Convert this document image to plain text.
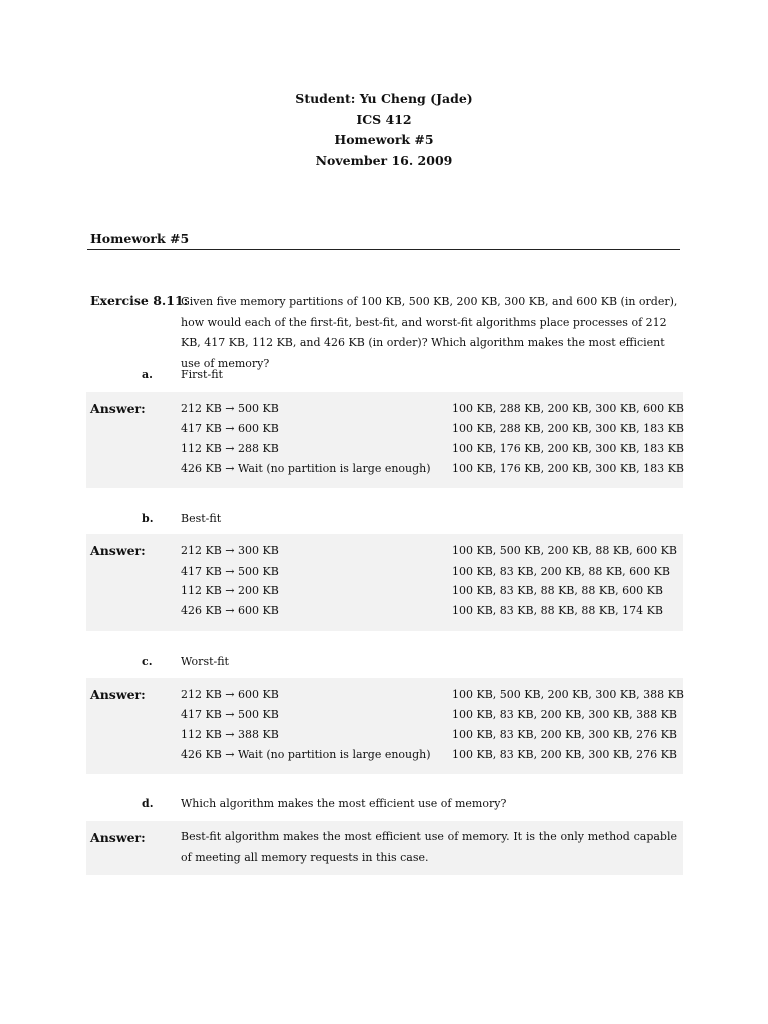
Student: Yu Cheng (Jade)
ICS 412
Homework #5
November 16. 2009
Homework #5
Exercise 8.11:
Given five memory partitions of 100 KB, 500 KB, 200 KB, 300 KB, and 600 KB (in order), how would each of the first-fit, best-fit, and worst-fit algorithms place processes of 212 KB, 417 KB, 112 KB, and 426 KB (in order)? Which algorithm makes the most efficient use of memory?
a.	First-fit
Answer:	212 KB → 500 KB	100 KB, 288 KB, 200 KB, 300 KB, 600 KB
417 KB → 600 KB	100 KB, 288 KB, 200 KB, 300 KB, 183 KB
112 KB → 288 KB	100 KB, 176 KB, 200 KB, 300 KB, 183 KB
426 KB → Wait (no partition is large enough) 100 KB, 176 KB, 200 KB, 300 KB, 183 KB
b. Best-fit
Answer:	212 KB → 300 KB	100 KB, 500 KB, 200 KB, 88 KB, 600 KB
417 KB → 500 KB	100 KB, 83 KB, 200 KB, 88 KB, 600 KB
112 KB → 200 KB	100 KB, 83 KB, 88 KB, 88 KB, 600 KB
426 KB → 600 KB	100 KB, 83 KB, 88 KB, 88 KB, 174 KB
c.	Worst-fit
Answer:	212 KB → 600 KB	100 KB, 500 KB, 200 KB, 300 KB, 388 KB
417 KB → 500 KB	100 KB, 83 KB, 200 KB, 300 KB, 388 KB
112 KB → 388 KB	100 KB, 83 KB, 200 KB, 300 KB, 276 KB
426 KB → Wait (no partition is large enough) 100 KB, 83 KB, 200 KB, 300 KB, 276 KB
d. Which algorithm makes the most efficient use of memory?
Answer:	Best-fit algorithm makes the most efficient use of memory. It is the only method capable of meeting all memory requests in this case.
